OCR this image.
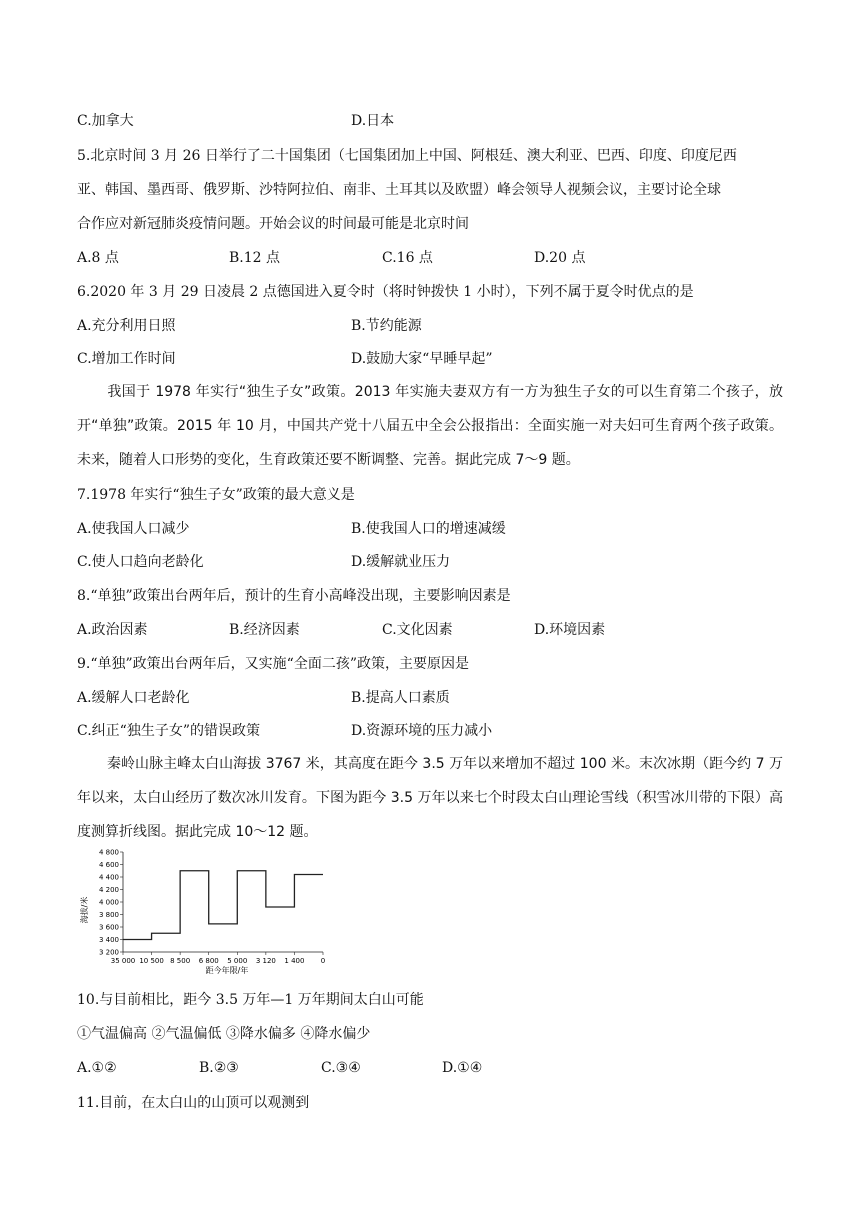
C.加拿大	D.日本
5.北京时间 3 月 26 日举行了二十国集团（七国集团加上中国、阿根廷、澳大利亚、巴西、印度、印度尼西
亚、韩国、墨西哥、俄罗斯、沙特阿拉伯、南非、土耳其以及欧盟）峰会领导人视频会议，主要讨论全球
合作应对新冠肺炎疫情问题。开始会议的时间最可能是北京时间
A.8 点	B.12 点	C.16 点	D.20 点
6.2020 年 3 月 29 日凌晨 2 点德国进入夏令时（将时钟拨快 1 小时），下列不属于夏令时优点的是
A.充分利用日照	B.节约能源
C.增加工作时间	D.鼓励大家“早睡早起”
我国于 1978 年实行“独生子女”政策。2013 年实施夫妻双方有一方为独生子女的可以生育第二个孩子，放开“单独”政策。2015 年 10 月，中国共产党十八届五中全会公报指出：全面实施一对夫妇可生育两个孩子政策。未来，随着人口形势的变化，生育政策还要不断调整、完善。据此完成 7～9 题。
7.1978 年实行“独生子女”政策的最大意义是
A.使我国人口减少	B.使我国人口的增速减缓
C.使人口趋向老龄化	D.缓解就业压力
8.“单独”政策出台两年后，预计的生育小高峰没出现，主要影响因素是
A.政治因素	B.经济因素	C.文化因素	D.环境因素
9.“单独”政策出台两年后，又实施“全面二孩”政策，主要原因是
A.缓解人口老龄化	B.提高人口素质
C.纠正“独生子女”的错误政策	D.资源环境的压力减小
秦岭山脉主峰太白山海拔 3767 米，其高度在距今 3.5 万年以来增加不超过 100 米。末次冰期（距今约 7 万年以来，太白山经历了数次冰川发育。下图为距今 3.5 万年以来七个时段太白山理论雪线（积雪冰川带的下限）高度测算折线图。据此完成 10～12 题。
海拔/米
4 800
4 600
4 400
4 200
4 000
3 800
3 600
3 400
3 200
35 000 10 500 8 500 6 800 5 000 3 120 1 400 0
距今年限/年
10.与目前相比，距今 3.5 万年—1 万年期间太白山可能
①气温偏高 ②气温偏低 ③降水偏多 ④降水偏少
A.①②	B.②③	C.③④	D.①④
11.目前，在太白山的山顶可以观测到
